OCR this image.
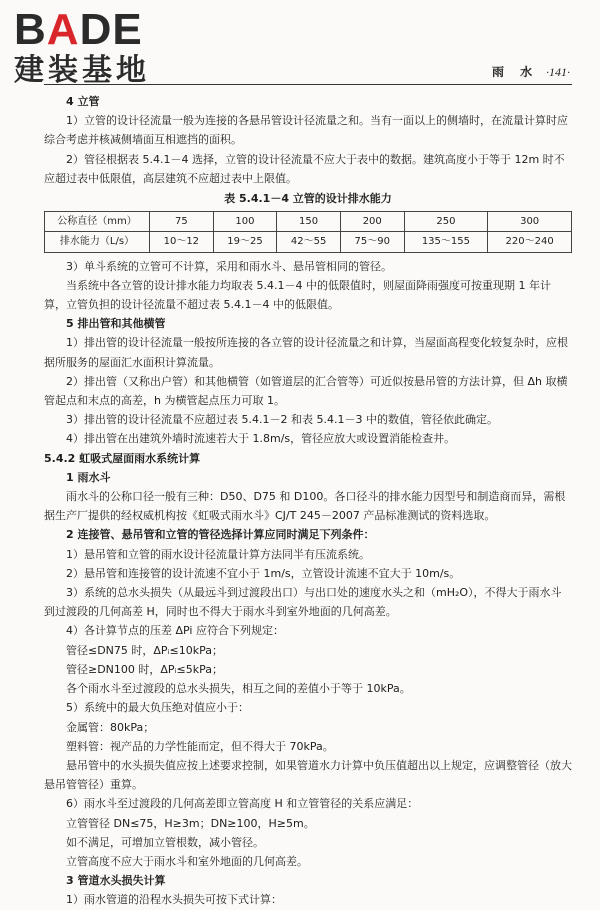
BADE
建装基地	雨 水 ·141·

4 立管

1）立管的设计径流量一般为连接的各悬吊管设计径流量之和。当有一面以上的侧墙时，在流量计算时应综合考虑并核减侧墙面互相遮挡的面积。

2）管径根据表 5.4.1－4 选择，立管的设计径流量不应大于表中的数据。建筑高度小于等于 12m 时不应超过表中低限值，高层建筑不应超过表中上限值。

表 5.4.1－4 立管的设计排水能力
公称直径（mm）	75	100	150	200	250	300
排水能力（L/s）	10～12	19～25	42～55	75～90	135～155	220～240

3）单斗系统的立管可不计算，采用和雨水斗、悬吊管相同的管径。

当系统中各立管的设计排水能力均取表 5.4.1－4 中的低限值时，则屋面降雨强度可按重现期 1 年计算，立管负担的设计径流量不超过表 5.4.1－4 中的低限值。

5 排出管和其他横管

1）排出管的设计径流量一般按所连接的各立管的设计径流量之和计算，当屋面高程变化较复杂时，应根据所服务的屋面汇水面积计算流量。

2）排出管（又称出户管）和其他横管（如管道层的汇合管等）可近似按悬吊管的方法计算，但 Δh 取横管起点和末点的高差，h 为横管起点压力可取 1。

3）排出管的设计径流量不应超过表 5.4.1－2 和表 5.4.1－3 中的数值，管径依此确定。

4）排出管在出建筑外墙时流速若大于 1.8m/s，管径应放大或设置消能检查井。

5.4.2 虹吸式屋面雨水系统计算

1 雨水斗

雨水斗的公称口径一般有三种：D50、D75 和 D100。各口径斗的排水能力因型号和制造商而异，需根据生产厂提供的经权威机构按《虹吸式雨水斗》CJ/T 245－2007 产品标准测试的资料选取。

2 连接管、悬吊管和立管的管径选择计算应同时满足下列条件：

1）悬吊管和立管的雨水设计径流量计算方法同半有压流系统。

2）悬吊管和连接管的设计流速不宜小于 1m/s，立管设计流速不宜大于 10m/s。

3）系统的总水头损失（从最远斗到过渡段出口）与出口处的速度水头之和（mH₂O），不得大于雨水斗到过渡段的几何高差 H，同时也不得大于雨水斗到室外地面的几何高差。

4）各计算节点的压差 ΔPi 应符合下列规定：

管径≤DN75 时，ΔPᵢ≤10kPa；

管径≥DN100 时，ΔPᵢ≤5kPa；

各个雨水斗至过渡段的总水头损失，相互之间的差值小于等于 10kPa。

5）系统中的最大负压绝对值应小于：

金属管：80kPa；

塑料管：视产品的力学性能而定，但不得大于 70kPa。

悬吊管中的水头损失值应按上述要求控制，如果管道水力计算中负压值超出以上规定，应调整管径（放大悬吊管管径）重算。

6）雨水斗至过渡段的几何高差即立管高度 H 和立管管径的关系应满足：

立管管径 DN≤75，H≥3m；DN≥100，H≥5m。

如不满足，可增加立管根数，减小管径。

立管高度不应大于雨水斗和室外地面的几何高差。

3 管道水头损失计算

1）雨水管道的沿程水头损失可按下式计算：
